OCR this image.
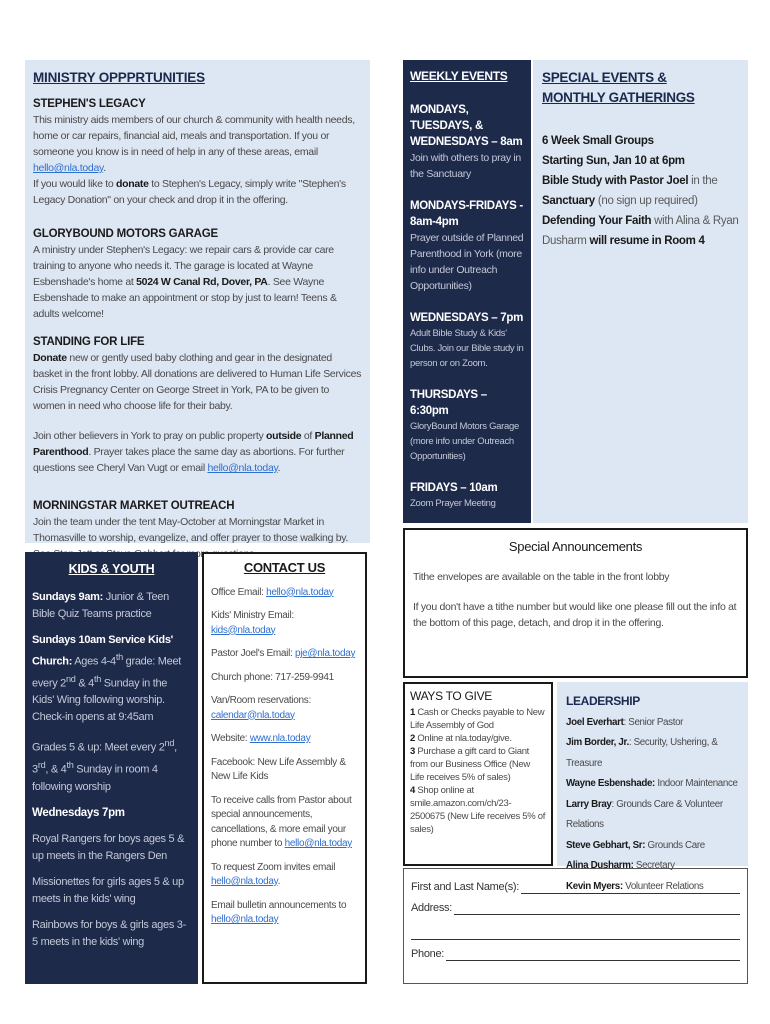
MINISTRY OPPPRTUNITIES
STEPHEN'S LEGACY

This ministry aids members of our church & community with health needs, home or car repairs, financial aid, meals and transportation. If you or someone you know is in need of help in any of these areas, email hello@nla.today.

If you would like to donate to Stephen's Legacy, simply write "Stephen's Legacy Donation" on your check and drop it in the offering.

GLORYBOUND MOTORS GARAGE

A ministry under Stephen's Legacy: we repair cars & provide car care training to anyone who needs it. The garage is located at Wayne Esbenshade's home at 5024 W Canal Rd, Dover, PA. See Wayne Esbenshade to make an appointment or stop by just to learn! Teens & adults welcome!

STANDING FOR LIFE

Donate new or gently used baby clothing and gear in the designated basket in the front lobby. All donations are delivered to Human Life Services Crisis Pregnancy Center on George Street in York, PA to be given to women in need who choose life for their baby.

Join other believers in York to pray on public property outside of Planned Parenthood. Prayer takes place the same day as abortions. For further questions see Cheryl Van Vugt or email hello@nla.today.

MORNINGSTAR MARKET OUTREACH

Join the team under the tent May-October at Morningstar Market in Thomasville to worship, evangelize, and offer prayer to those walking by.

WEEKLY EVENTS
MONDAYS, TUESDAYS, & WEDNESDAYS – 8am
Join with others to pray in the Sanctuary
MONDAYS-FRIDAYS - 8am-4pm
Prayer outside of Planned Parenthood in York (more info under Outreach Opportunities)
WEDNESDAYS – 7pm
Adult Bible Study & Kids' Clubs. Join our Bible study in person or on Zoom.
THURSDAYS – 6:30pm
GloryBound Motors Garage (more info under Outreach Opportunities)
FRIDAYS – 10am
Zoom Prayer Meeting
SPECIAL EVENTS &
MONTHLY GATHERINGS
6 Week Small Groups
Starting Sun, Jan 10 at 6pm
Bible Study with Pastor Joel in the
Sanctuary (no sign up required)
Defending Your Faith with Alina & Ryan Dusharm will resume in Room 4
KIDS & YOUTH
Sundays 9am: Junior & Teen Bible Quiz Teams practice
Sundays 10am Service Kids' Church: Ages 4-4th grade: Meet every 2nd & 4th Sunday in the Kids' Wing following worship. Check-in opens at 9:45am
Grades 5 & up: Meet every 2nd, 3rd, & 4th Sunday in room 4 following worship
Wednesdays 7pm
Royal Rangers for boys ages 5 & up meets in the Rangers Den
Missionettes for girls ages 5 & up meets in the kids' wing
Rainbows for boys & girls ages 3-5 meets in the kids' wing
CONTACT US
Office Email: hello@nla.today
Kids' Ministry Email: kids@nla.today
Pastor Joel's Email: pje@nla.today
Church phone: 717-259-9941
Van/Room reservations: calendar@nla.today
Website: www.nla.today
Facebook: New Life Assembly & New Life Kids
To receive calls from Pastor about special announcements, cancellations, & more email your phone number to hello@nla.today
To request Zoom invites email hello@nla.today.
Email bulletin announcements to hello@nla.today
Special Announcements

Tithe envelopes are available on the table in the front lobby

If you don't have a tithe number but would like one please fill out the info at the bottom of this page, detach, and drop it in the offering.

WAYS TO GIVE
1 Cash or Checks payable to New Life Assembly of God
2 Online at nla.today/give.
3 Purchase a gift card to Giant from our Business Office (New Life receives 5% of sales)
4 Shop online at smile.amazon.com/ch/23-2500675 (New Life receives 5% of sales)
LEADERSHIP
Joel Everhart: Senior Pastor
Jim Border, Jr.: Security, Ushering, & Treasure
Wayne Esbenshade: Indoor Maintenance
Larry Bray: Grounds Care & Volunteer Relations
Steve Gebhart, Sr: Grounds Care
Alina Dusharm: Secretary
Kevin Myers: Volunteer Relations
First and Last Name(s):
Address:
Phone:
